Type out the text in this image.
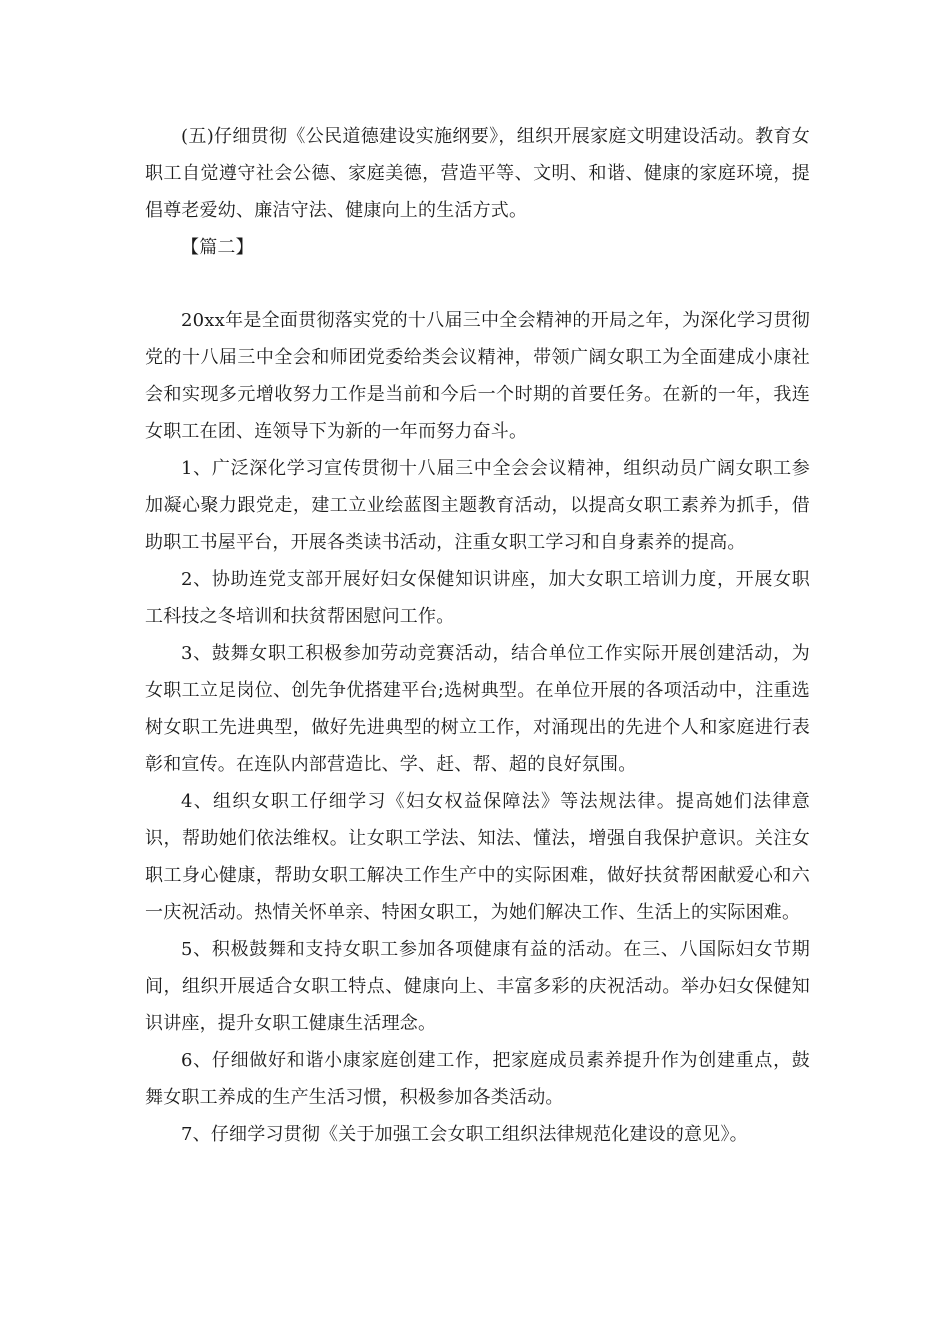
(五)仔细贯彻《公民道德建设实施纲要》，组织开展家庭文明建设活动。教育女职工自觉遵守社会公德、家庭美德，营造平等、文明、和谐、健康的家庭环境，提倡尊老爱幼、廉洁守法、健康向上的生活方式。

【篇二】

20xx年是全面贯彻落实党的十八届三中全会精神的开局之年，为深化学习贯彻党的十八届三中全会和师团党委给类会议精神，带领广阔女职工为全面建成小康社会和实现多元增收努力工作是当前和今后一个时期的首要任务。在新的一年，我连女职工在团、连领导下为新的一年而努力奋斗。

1、广泛深化学习宣传贯彻十八届三中全会会议精神，组织动员广阔女职工参加凝心聚力跟党走，建工立业绘蓝图主题教育活动，以提高女职工素养为抓手，借助职工书屋平台，开展各类读书活动，注重女职工学习和自身素养的提高。

2、协助连党支部开展好妇女保健知识讲座，加大女职工培训力度，开展女职工科技之冬培训和扶贫帮困慰问工作。

3、鼓舞女职工积极参加劳动竞赛活动，结合单位工作实际开展创建活动，为女职工立足岗位、创先争优搭建平台;选树典型。在单位开展的各项活动中，注重选树女职工先进典型，做好先进典型的树立工作，对涌现出的先进个人和家庭进行表彰和宣传。在连队内部营造比、学、赶、帮、超的良好氛围。

4、组织女职工仔细学习《妇女权益保障法》等法规法律。提高她们法律意识，帮助她们依法维权。让女职工学法、知法、懂法，增强自我保护意识。关注女职工身心健康，帮助女职工解决工作生产中的实际困难，做好扶贫帮困献爱心和六一庆祝活动。热情关怀单亲、特困女职工，为她们解决工作、生活上的实际困难。

5、积极鼓舞和支持女职工参加各项健康有益的活动。在三、八国际妇女节期间，组织开展适合女职工特点、健康向上、丰富多彩的庆祝活动。举办妇女保健知识讲座，提升女职工健康生活理念。

6、仔细做好和谐小康家庭创建工作，把家庭成员素养提升作为创建重点，鼓舞女职工养成的生产生活习惯，积极参加各类活动。

7、仔细学习贯彻《关于加强工会女职工组织法律规范化建设的意见》。
